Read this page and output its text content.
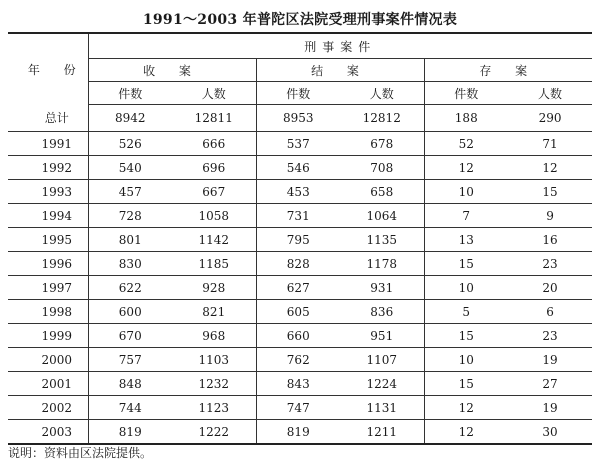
1991～2003 年普陀区法院受理刑事案件情况表
年 份	刑事案件					
	收 案		结 案		存 案	
	件数	人数	件数	人数	件数	人数
总计	8942	12811	8953	12812	188	290
1991	526	666	537	678	52	71
1992	540	696	546	708	12	12
1993	457	667	453	658	10	15
1994	728	1058	731	1064	7	9
1995	801	1142	795	1135	13	16
1996	830	1185	828	1178	15	23
1997	622	928	627	931	10	20
1998	600	821	605	836	5	6
1999	670	968	660	951	15	23
2000	757	1103	762	1107	10	19
2001	848	1232	843	1224	15	27
2002	744	1123	747	1131	12	19
2003	819	1222	819	1211	12	30
说明：资料由区法院提供。
